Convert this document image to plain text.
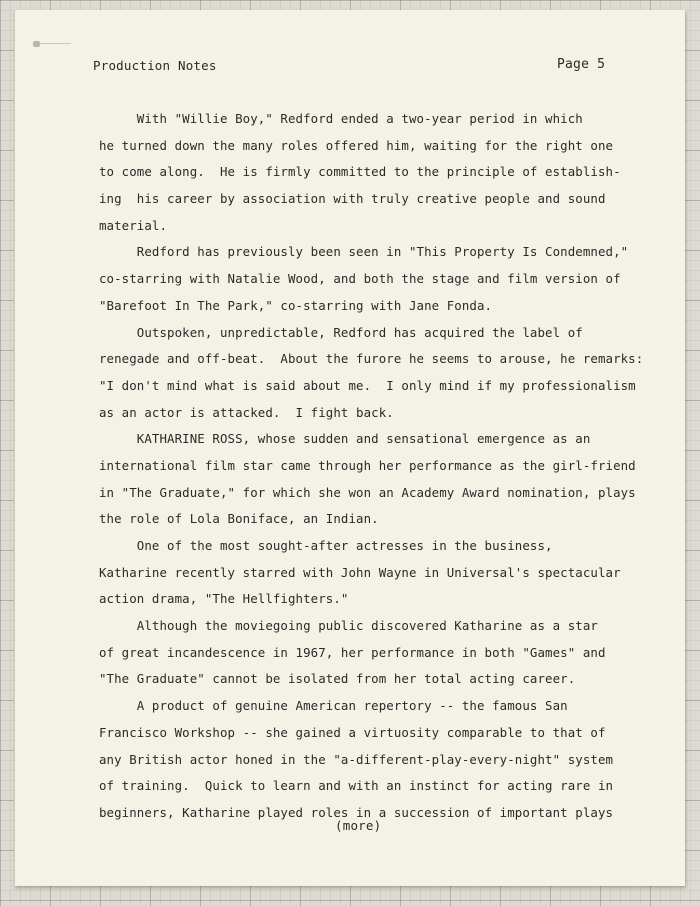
Production Notes	Page 5
With "Willie Boy," Redford ended a two-year period in which
he turned down the many roles offered him, waiting for the right one
to come along.  He is firmly committed to the principle of establish-
ing  his career by association with truly creative people and sound
material.
Redford has previously been seen in "This Property Is Condemned,"
co-starring with Natalie Wood, and both the stage and film version of
"Barefoot In The Park," co-starring with Jane Fonda.
Outspoken, unpredictable, Redford has acquired the label of
renegade and off-beat.  About the furore he seems to arouse, he remarks:
"I don't mind what is said about me.  I only mind if my professionalism
as an actor is attacked.  I fight back.
KATHARINE ROSS, whose sudden and sensational emergence as an
international film star came through her performance as the girl-friend
in "The Graduate," for which she won an Academy Award nomination, plays
the role of Lola Boniface, an Indian.
One of the most sought-after actresses in the business,
Katharine recently starred with John Wayne in Universal's spectacular
action drama, "The Hellfighters."
Although the moviegoing public discovered Katharine as a star
of great incandescence in 1967, her performance in both "Games" and
"The Graduate" cannot be isolated from her total acting career.
A product of genuine American repertory -- the famous San
Francisco Workshop -- she gained a virtuosity comparable to that of
any British actor honed in the "a-different-play-every-night" system
of training.  Quick to learn and with an instinct for acting rare in
beginners, Katharine played roles in a succession of important plays
(more)
